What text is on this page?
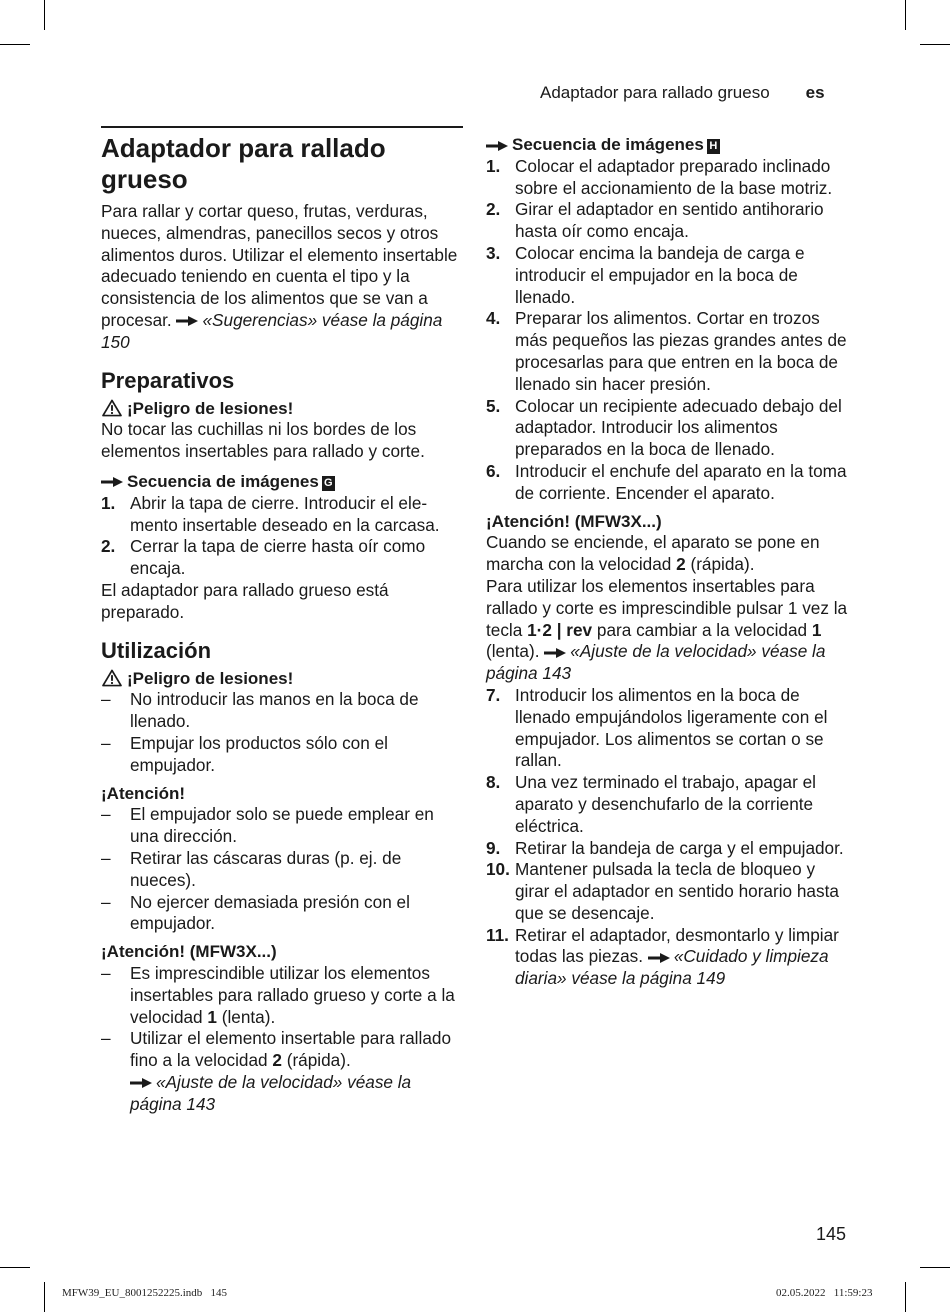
Adaptador para rallado grueso es
Adaptador para rallado grueso

Para rallar y cortar queso, frutas, verduras, nueces, almendras, panecillos secos y otros alimentos duros. Utilizar el elemento insertable adecuado teniendo en cuenta el tipo y la consistencia de los alimentos que se van a procesar. «Sugerencias» véase la página 150

Preparativos
¡Peligro de lesiones!

No tocar las cuchillas ni los bordes de los elementos insertables para rallado y corte.

Secuencia de imágenes G
1. Abrir la tapa de cierre. Introducir el elemento insertable deseado en la carcasa.
2. Cerrar la tapa de cierre hasta oír como encaja.

El adaptador para rallado grueso está preparado.

Utilización
¡Peligro de lesiones!
–	No introducir las manos en la boca de llenado.
–	Empujar los productos sólo con el empujador.
¡Atención!
–	El empujador solo se puede emplear en una dirección.
–	Retirar las cáscaras duras (p. ej. de nueces).
–	No ejercer demasiada presión con el empujador.
¡Atención! (MFW3X...)
–	Es imprescindible utilizar los elementos insertables para rallado grueso y corte a la velocidad 1 (lenta).
–	Utilizar el elemento insertable para rallado fino a la velocidad 2 (rápida).
«Ajuste de la velocidad» véase la página 143
Secuencia de imágenes H
1. Colocar el adaptador preparado inclinado sobre el accionamiento de la base motriz.
2. Girar el adaptador en sentido antihorario hasta oír como encaja.
3. Colocar encima la bandeja de carga e introducir el empujador en la boca de llenado.
4. Preparar los alimentos. Cortar en trozos más pequeños las piezas grandes antes de procesarlas para que entren en la boca de llenado sin hacer presión.
5. Colocar un recipiente adecuado debajo del adaptador. Introducir los alimentos preparados en la boca de llenado.
6. Introducir el enchufe del aparato en la toma de corriente. Encender el aparato.
¡Atención! (MFW3X...)

Cuando se enciende, el aparato se pone en marcha con la velocidad 2 (rápida).

Para utilizar los elementos insertables para rallado y corte es imprescindible pulsar 1 vez la tecla 1·2 | rev para cambiar a la velocidad 1 (lenta). «Ajuste de la velocidad» véase la página 143

7. Introducir los alimentos en la boca de llenado empujándolos ligeramente con el empujador. Los alimentos se cortan o se rallan.
8. Una vez terminado el trabajo, apagar el aparato y desenchufarlo de la corriente eléctrica.
9. Retirar la bandeja de carga y el empujador.
10. Mantener pulsada la tecla de bloqueo y girar el adaptador en sentido horario hasta que se desencaje.
11. Retirar el adaptador, desmontarlo y limpiar todas las piezas. «Cuidado y limpieza diaria» véase la página 149
145
MFW39_EU_8001252225.indb   145	02.05.2022   11:59:23
